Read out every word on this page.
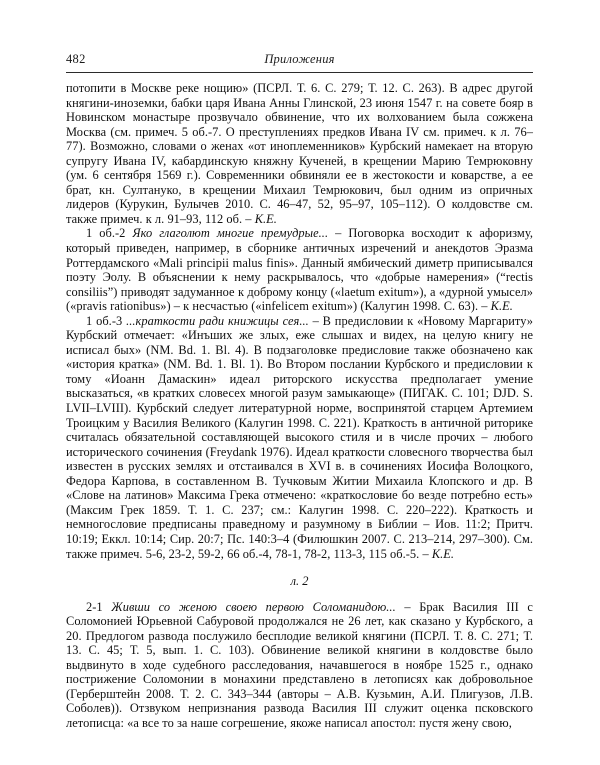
482	Приложения

потопити в Москве реке нощию» (ПСРЛ. Т. 6. С. 279; Т. 12. С. 263). В адрес другой княгини-иноземки, бабки царя Ивана Анны Глинской, 23 июня 1547 г. на совете бояр в Новинском монастыре прозвучало обвинение, что их волхованием была сожжена Москва (см. примеч. 5 об.-7. О преступлениях предков Ивана IV см. примеч. к л. 76–77). Возможно, словами о женах «от иноплеменников» Курбский намекает на вторую супругу Ивана IV, кабардинскую княжну Кученей, в крещении Марию Темрюковну (ум. 6 сентября 1569 г.). Современники обвиняли ее в жестокости и коварстве, а ее брат, кн. Султануко, в крещении Михаил Темрюкович, был одним из опричных лидеров (Курукин, Булычев 2010. С. 46–47, 52, 95–97, 105–112). О колдовстве см. также примеч. к л. 91–93, 112 об. – К.Е.

1 об.-2 Яко глаголют многие премудрые... – Поговорка восходит к афоризму, который приведен, например, в сборнике античных изречений и анекдотов Эразма Роттердамского «Mali principii malus finis». Данный ямбический диметр приписывался поэту Эолу. В объяснении к нему раскрывалось, что «добрые намерения» (“rectis consiliis”) приводят задуманное к доброму концу («laetum exitum»), а «дурной умысел» («pravis rationibus») – к несчастью («infelicem exitum») (Калугин 1998. С. 63). – К.Е.

1 об.-3 ...краткости ради книжицы сея... – В предисловии к «Новому Маргариту» Курбский отмечает: «Инъших же злых, еже слышах и видех, на целую книгу не исписал бых» (NM. Bd. 1. Bl. 4). В подзаголовке предисловие также обозначено как «история кратка» (NM. Bd. 1. Bl. 1). Во Втором послании Курбского и предисловии к тому «Иоанн Дамаскин» идеал риторского искусства предполагает умение высказаться, «в кратких словесех многой разум замыкающе» (ПИГАК. С. 101; DJD. S. LVII–LVIII). Курбский следует литературной норме, воспринятой старцем Артемием Троицким у Василия Великого (Калугин 1998. С. 221). Краткость в античной риторике считалась обязательной составляющей высокого стиля и в числе прочих – любого исторического сочинения (Freydank 1976). Идеал краткости словесного творчества был известен в русских землях и отстаивался в XVI в. в сочинениях Иосифа Волоцкого, Федора Карпова, в составленном В. Тучковым Житии Михаила Клопского и др. В «Слове на латинов» Максима Грека отмечено: «краткословие бо везде потребно есть» (Максим Грек 1859. Т. 1. С. 237; см.: Калугин 1998. С. 220–222). Краткость и немногословие предписаны праведному и разумному в Библии – Иов. 11:2; Притч. 10:19; Еккл. 10:14; Сир. 20:7; Пс. 140:3–4 (Филюшкин 2007. С. 213–214, 297–300). См. также примеч. 5-6, 23-2, 59-2, 66 об.-4, 78-1, 78-2, 113-3, 115 об.-5. – К.Е.

л. 2

2-1 Живши со женою своею первою Соломанидою... – Брак Василия III с Соломонией Юрьевной Сабуровой продолжался не 26 лет, как сказано у Курбского, а 20. Предлогом развода послужило бесплодие великой княгини (ПСРЛ. Т. 8. С. 271; Т. 13. С. 45; Т. 5, вып. 1. С. 103). Обвинение великой княгини в колдовстве было выдвинуто в ходе судебного расследования, начавшегося в ноябре 1525 г., однако пострижение Соломонии в монахини представлено в летописях как добровольное (Герберштейн 2008. Т. 2. С. 343–344 (авторы – А.В. Кузьмин, А.И. Плигузов, Л.В. Соболев)). Отзвуком непризнания развода Василия III служит оценка псковского летописца: «а все то за наше согрешение, якоже написал апостол: пустя жену свою,
